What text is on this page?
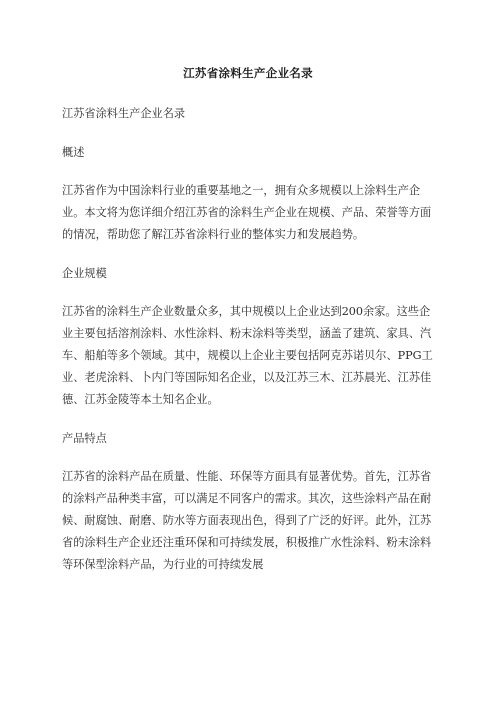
江苏省涂料生产企业名录

江苏省涂料生产企业名录

概述

江苏省作为中国涂料行业的重要基地之一，拥有众多规模以上涂料生产企业。本文将为您详细介绍江苏省的涂料生产企业在规模、产品、荣誉等方面的情况，帮助您了解江苏省涂料行业的整体实力和发展趋势。

企业规模

江苏省的涂料生产企业数量众多，其中规模以上企业达到200余家。这些企业主要包括溶剂涂料、水性涂料、粉末涂料等类型，涵盖了建筑、家具、汽车、船舶等多个领域。其中，规模以上企业主要包括阿克苏诺贝尔、PPG工业、老虎涂料、卜内门等国际知名企业，以及江苏三木、江苏晨光、江苏佳德、江苏金陵等本土知名企业。

产品特点

江苏省的涂料产品在质量、性能、环保等方面具有显著优势。首先，江苏省的涂料产品种类丰富，可以满足不同客户的需求。其次，这些涂料产品在耐候、耐腐蚀、耐磨、防水等方面表现出色，得到了广泛的好评。此外，江苏省的涂料生产企业还注重环保和可持续发展，积极推广水性涂料、粉末涂料等环保型涂料产品，为行业的可持续发展
